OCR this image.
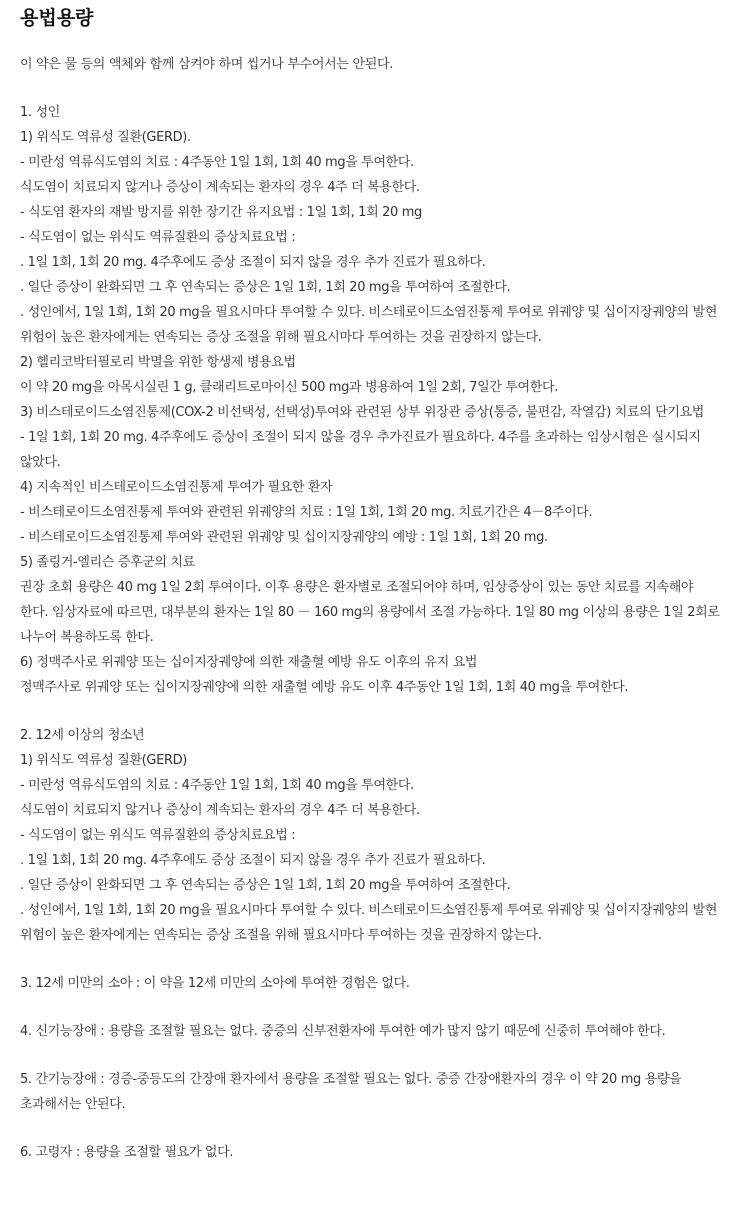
용법용량
이 약은 물 등의 액체와 함께 삼켜야 하며 씹거나 부수어서는 안된다.
1. 성인
1) 위식도 역류성 질환(GERD).
- 미란성 역류식도염의 치료 : 4주동안 1일 1회, 1회 40 mg을 투여한다.
식도염이 치료되지 않거나 증상이 계속되는 환자의 경우 4주 더 복용한다.
- 식도염 환자의 재발 방지를 위한 장기간 유지요법 : 1일 1회, 1회 20 mg
- 식도염이 없는 위식도 역류질환의 증상치료요법 :
. 1일 1회, 1회 20 mg. 4주후에도 증상 조절이 되지 않을 경우 추가 진료가 필요하다.
. 일단 증상이 완화되면 그 후 연속되는 증상은 1일 1회, 1회 20 mg을 투여하여 조절한다.
. 성인에서, 1일 1회, 1회 20 mg을 필요시마다 투여할 수 있다. 비스테로이드소염진통제 투여로 위궤양 및 십이지장궤양의 발현 위험이 높은 환자에게는 연속되는 증상 조절을 위해 필요시마다 투여하는 것을 권장하지 않는다.
2) 헬리코박터필로리 박멸을 위한 항생제 병용요법
이 약 20 mg을 아목시실린 1 g, 클래리트로마이신 500 mg과 병용하여 1일 2회, 7일간 투여한다.
3) 비스테로이드소염진통제(COX-2 비선택성, 선택성)투여와 관련된 상부 위장관 증상(통증, 불편감, 작열감) 치료의 단기요법
- 1일 1회, 1회 20 mg. 4주후에도 증상이 조절이 되지 않을 경우 추가진료가 필요하다. 4주를 초과하는 임상시험은 실시되지 않았다.
4) 지속적인 비스테로이드소염진통제 투여가 필요한 환자
- 비스테로이드소염진통제 투여와 관련된 위궤양의 치료 : 1일 1회, 1회 20 mg. 치료기간은 4－8주이다.
- 비스테로이드소염진통제 투여와 관련된 위궤양 및 십이지장궤양의 예방 : 1일 1회, 1회 20 mg.
5) 졸링거-엘리슨 증후군의 치료
권장 초회 용량은 40 mg 1일 2회 투여이다. 이후 용량은 환자별로 조절되어야 하며, 임상증상이 있는 동안 치료를 지속해야 한다. 임상자료에 따르면, 대부분의 환자는 1일 80 － 160 mg의 용량에서 조절 가능하다. 1일 80 mg 이상의 용량은 1일 2회로 나누어 복용하도록 한다.
6) 정맥주사로 위궤양 또는 십이지장궤양에 의한 재출혈 예방 유도 이후의 유지 요법
정맥주사로 위궤양 또는 십이지장궤양에 의한 재출혈 예방 유도 이후 4주동안 1일 1회, 1회 40 mg을 투여한다.
2. 12세 이상의 청소년
1) 위식도 역류성 질환(GERD)
- 미란성 역류식도염의 치료 : 4주동안 1일 1회, 1회 40 mg을 투여한다.
식도염이 치료되지 않거나 증상이 계속되는 환자의 경우 4주 더 복용한다.
- 식도염이 없는 위식도 역류질환의 증상치료요법 :
. 1일 1회, 1회 20 mg. 4주후에도 증상 조절이 되지 않을 경우 추가 진료가 필요하다.
. 일단 증상이 완화되면 그 후 연속되는 증상은 1일 1회, 1회 20 mg을 투여하여 조절한다.
. 성인에서, 1일 1회, 1회 20 mg을 필요시마다 투여할 수 있다. 비스테로이드소염진통제 투여로 위궤양 및 십이지장궤양의 발현 위험이 높은 환자에게는 연속되는 증상 조절을 위해 필요시마다 투여하는 것을 권장하지 않는다.
3. 12세 미만의 소아 : 이 약을 12세 미만의 소아에 투여한 경험은 없다.
4. 신기능장애 : 용량을 조절할 필요는 없다. 중증의 신부전환자에 투여한 예가 많지 않기 때문에 신중히 투여해야 한다.
5. 간기능장애 : 경증-중등도의 간장애 환자에서 용량을 조절할 필요는 없다. 중증 간장애환자의 경우 이 약 20 mg 용량을 초과해서는 안된다.
6. 고령자 : 용량을 조절할 필요가 없다.
